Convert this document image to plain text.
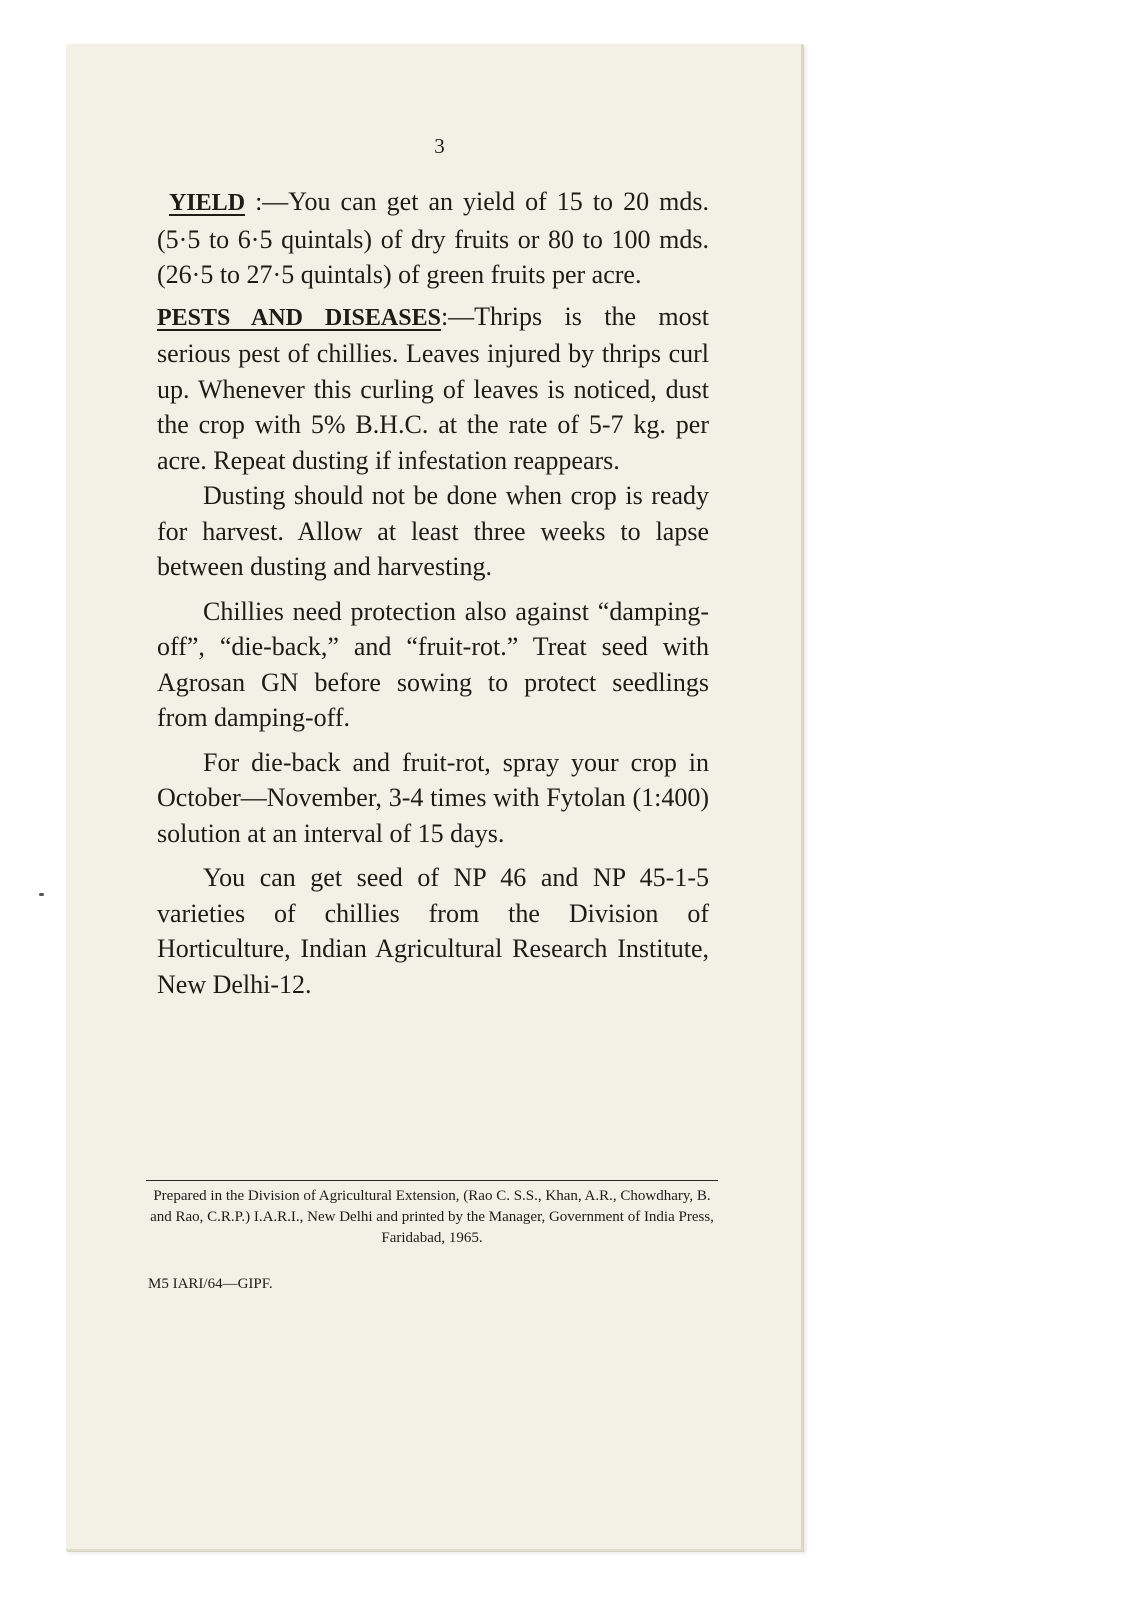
3

YIELD :—You can get an yield of 15 to 20 mds. (5·5 to 6·5 quintals) of dry fruits or 80 to 100 mds. (26·5 to 27·5 quintals) of green fruits per acre.

PESTS AND DISEASES:—Thrips is the most serious pest of chillies. Leaves injured by thrips curl up. Whenever this curling of leaves is noticed, dust the crop with 5% B.H.C. at the rate of 5-7 kg. per acre. Repeat dusting if infestation reappears.

Dusting should not be done when crop is ready for harvest. Allow at least three weeks to lapse between dusting and harvesting.

Chillies need protection also against “damping-off”, “die-back,” and “fruit-rot.” Treat seed with Agrosan GN before sowing to protect seedlings from damping-off.

For die-back and fruit-rot, spray your crop in October—November, 3-4 times with Fytolan (1:400) solution at an interval of 15 days.

You can get seed of NP 46 and NP 45-1-5 varieties of chillies from the Division of Horticulture, Indian Agricultural Research Institute, New Delhi-12.

Prepared in the Division of Agricultural Extension, (Rao C. S.S., Khan, A.R., Chowdhary, B. and Rao, C.R.P.) I.A.R.I., New Delhi and printed by the Manager, Government of India Press, Faridabad, 1965.
M5 IARI/64—GIPF.
